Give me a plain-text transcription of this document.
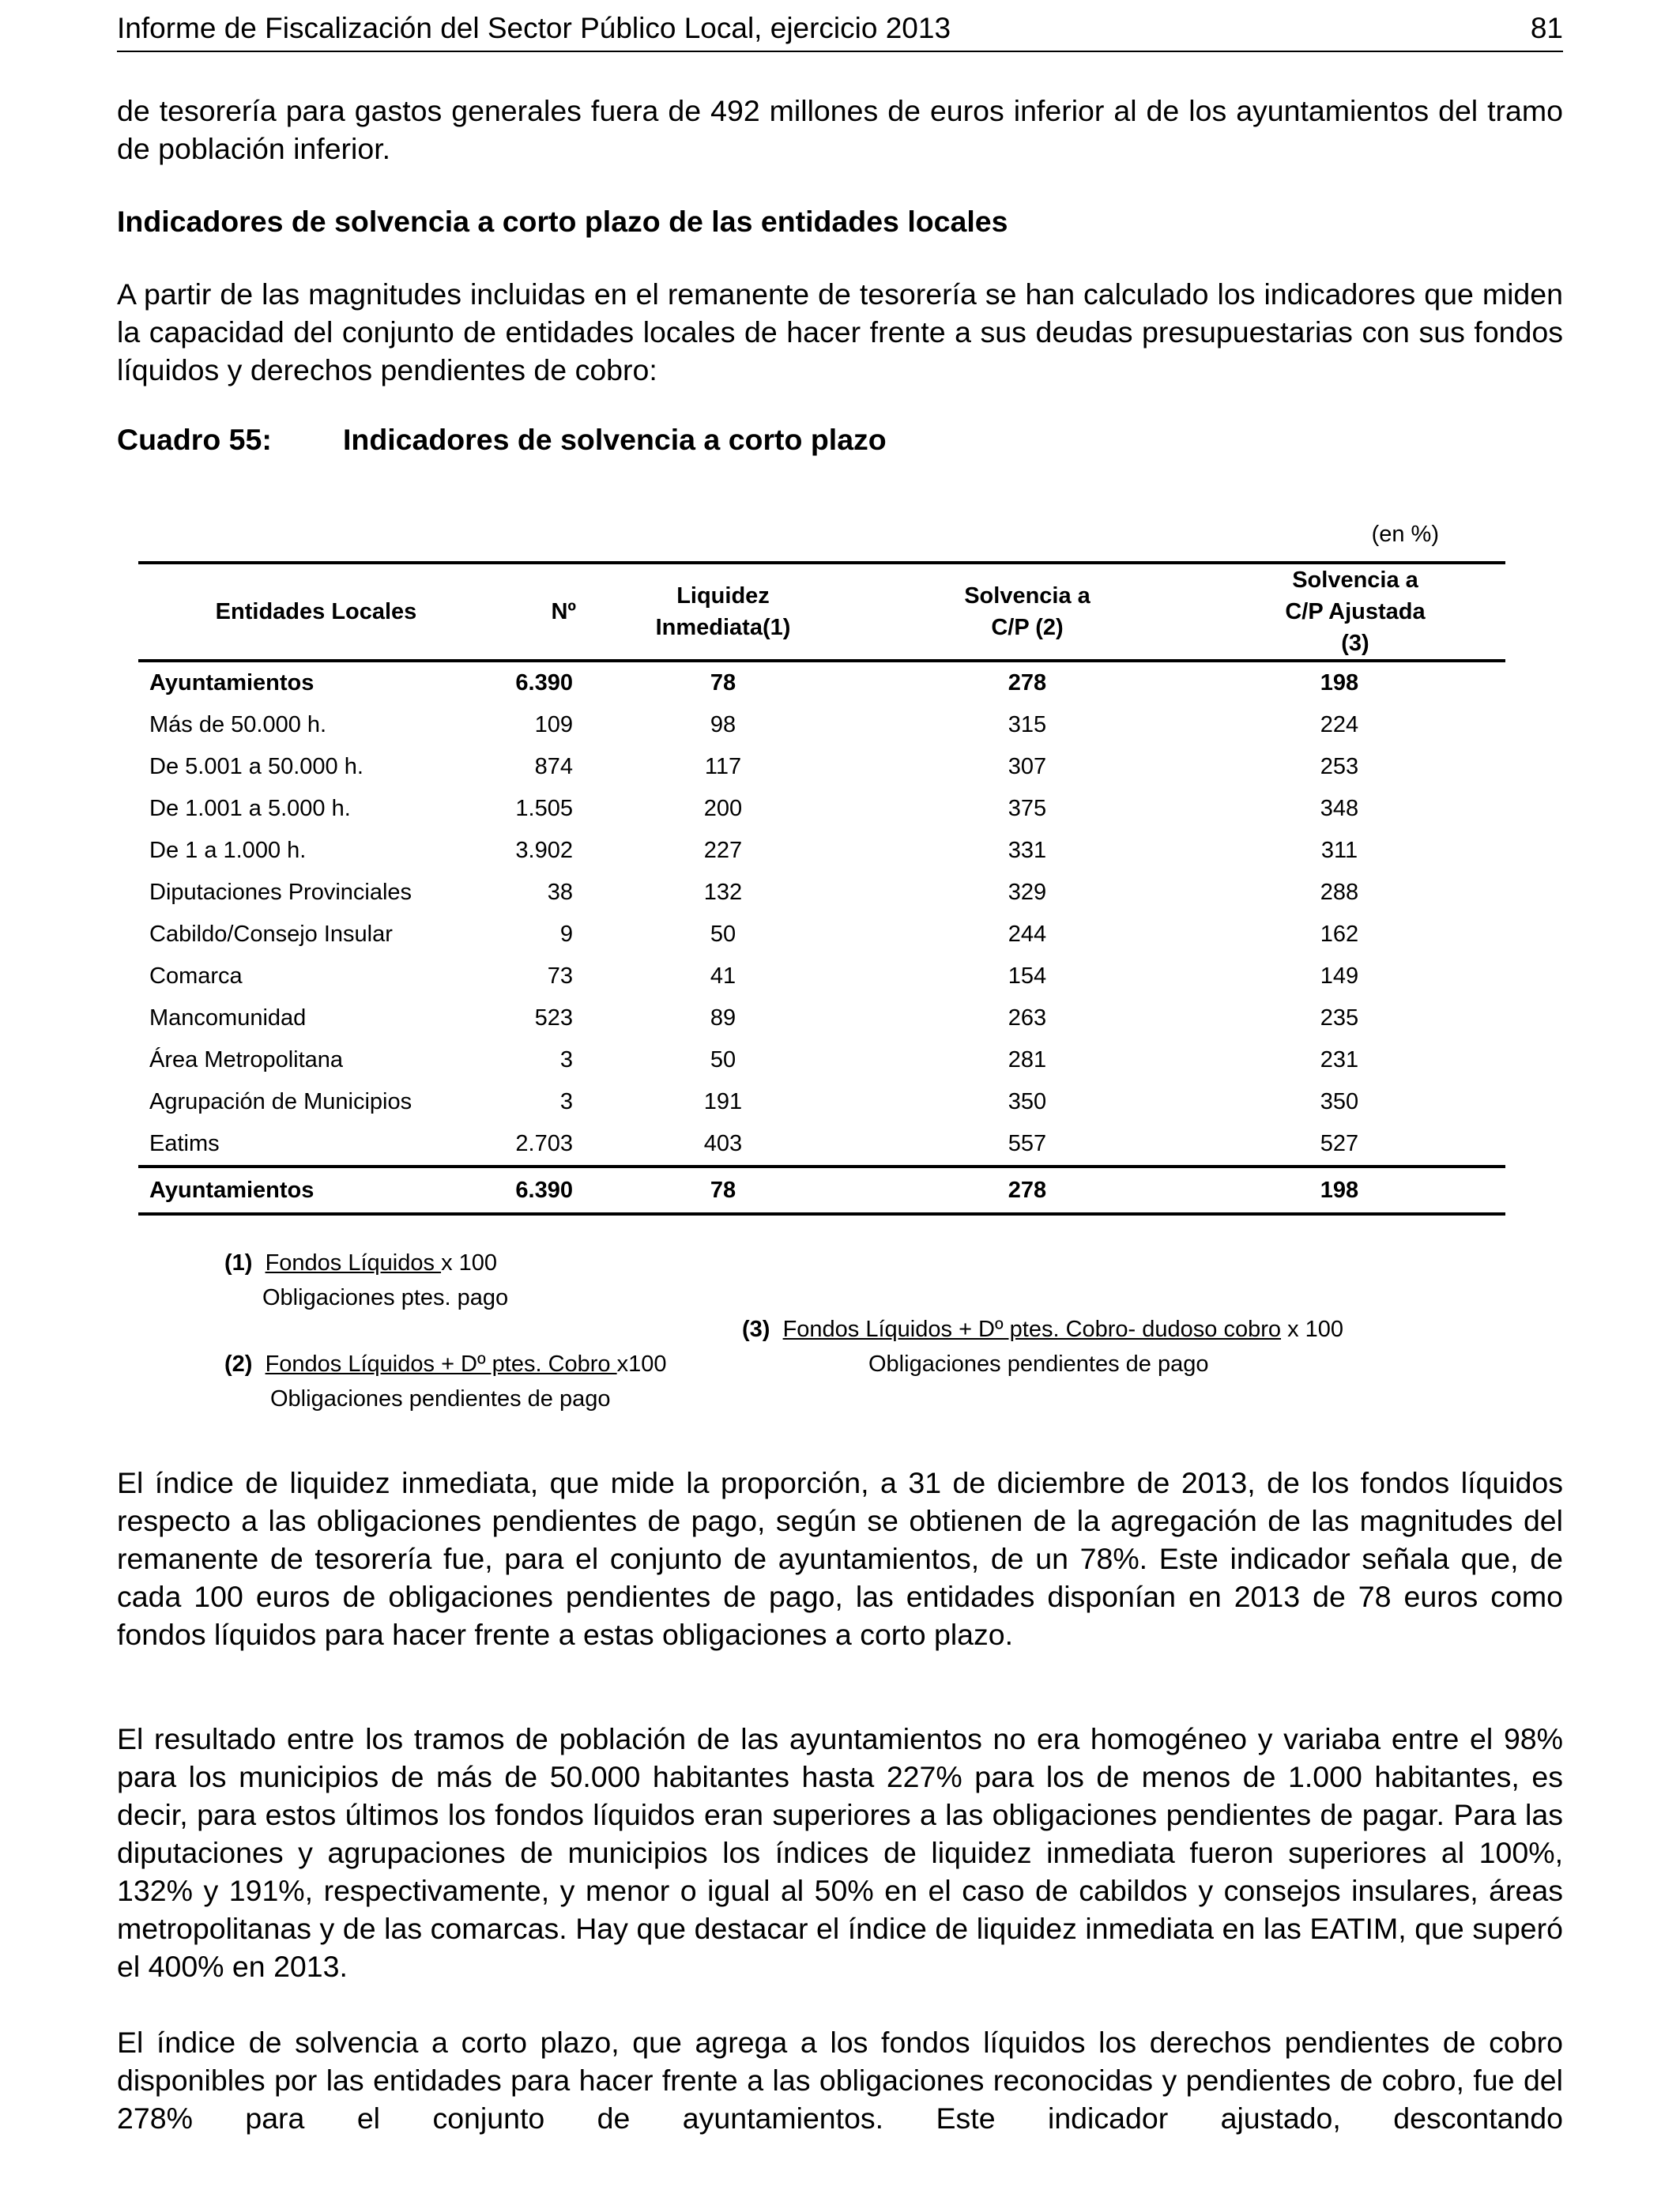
Informe de Fiscalización del Sector Público Local, ejercicio 2013	81

de tesorería para gastos generales fuera de 492 millones de euros inferior al de los ayuntamientos del tramo de población inferior.

Indicadores de solvencia a corto plazo de las entidades locales

A partir de las magnitudes incluidas en el remanente de tesorería se han calculado los indicadores que miden la capacidad del conjunto de entidades locales de hacer frente a sus deudas presupuestarias con sus fondos líquidos y derechos pendientes de cobro:

Cuadro 55: Indicadores de solvencia a corto plazo
(en %)
Entidades Locales	Nº	Liquidez Inmediata(1)	Solvencia a C/P (2)	Solvencia a C/P Ajustada (3)

Ayuntamientos	6.390	78	278	198
Más de 50.000 h.	109	98	315	224
De 5.001 a 50.000 h.	874	117	307	253
De 1.001 a 5.000 h.	1.505	200	375	348
De 1 a 1.000 h.	3.902	227	331	311
Diputaciones Provinciales	38	132	329	288
Cabildo/Consejo Insular	9	50	244	162
Comarca	73	41	154	149
Mancomunidad	523	89	263	235
Área Metropolitana	3	50	281	231
Agrupación de Municipios	3	191	350	350
Eatims	2.703	403	557	527
Ayuntamientos	6.390	78	278	198
(1) Fondos Líquidos x 100
Obligaciones ptes. pago
(2) Fondos Líquidos + Dº ptes. Cobro x100
Obligaciones pendientes de pago
(3) Fondos Líquidos + Dº ptes. Cobro- dudoso cobro x 100
Obligaciones pendientes de pago

El índice de liquidez inmediata, que mide la proporción, a 31 de diciembre de 2013, de los fondos líquidos respecto a las obligaciones pendientes de pago, según se obtienen de la agregación de las magnitudes del remanente de tesorería fue, para el conjunto de ayuntamientos, de un 78%. Este indicador señala que, de cada 100 euros de obligaciones pendientes de pago, las entidades disponían en 2013 de 78 euros como fondos líquidos para hacer frente a estas obligaciones a corto plazo.

El resultado entre los tramos de población de las ayuntamientos no era homogéneo y variaba entre el 98% para los municipios de más de 50.000 habitantes hasta 227% para los de menos de 1.000 habitantes, es decir, para estos últimos los fondos líquidos eran superiores a las obligaciones pendientes de pagar. Para las diputaciones y agrupaciones de municipios los índices de liquidez inmediata fueron superiores al 100%, 132% y 191%, respectivamente, y menor o igual al 50% en el caso de cabildos y consejos insulares, áreas metropolitanas y de las comarcas. Hay que destacar el índice de liquidez inmediata en las EATIM, que superó el 400% en 2013.

El índice de solvencia a corto plazo, que agrega a los fondos líquidos los derechos pendientes de cobro disponibles por las entidades para hacer frente a las obligaciones reconocidas y pendientes de cobro, fue del 278% para el conjunto de ayuntamientos. Este indicador ajustado, descontando
